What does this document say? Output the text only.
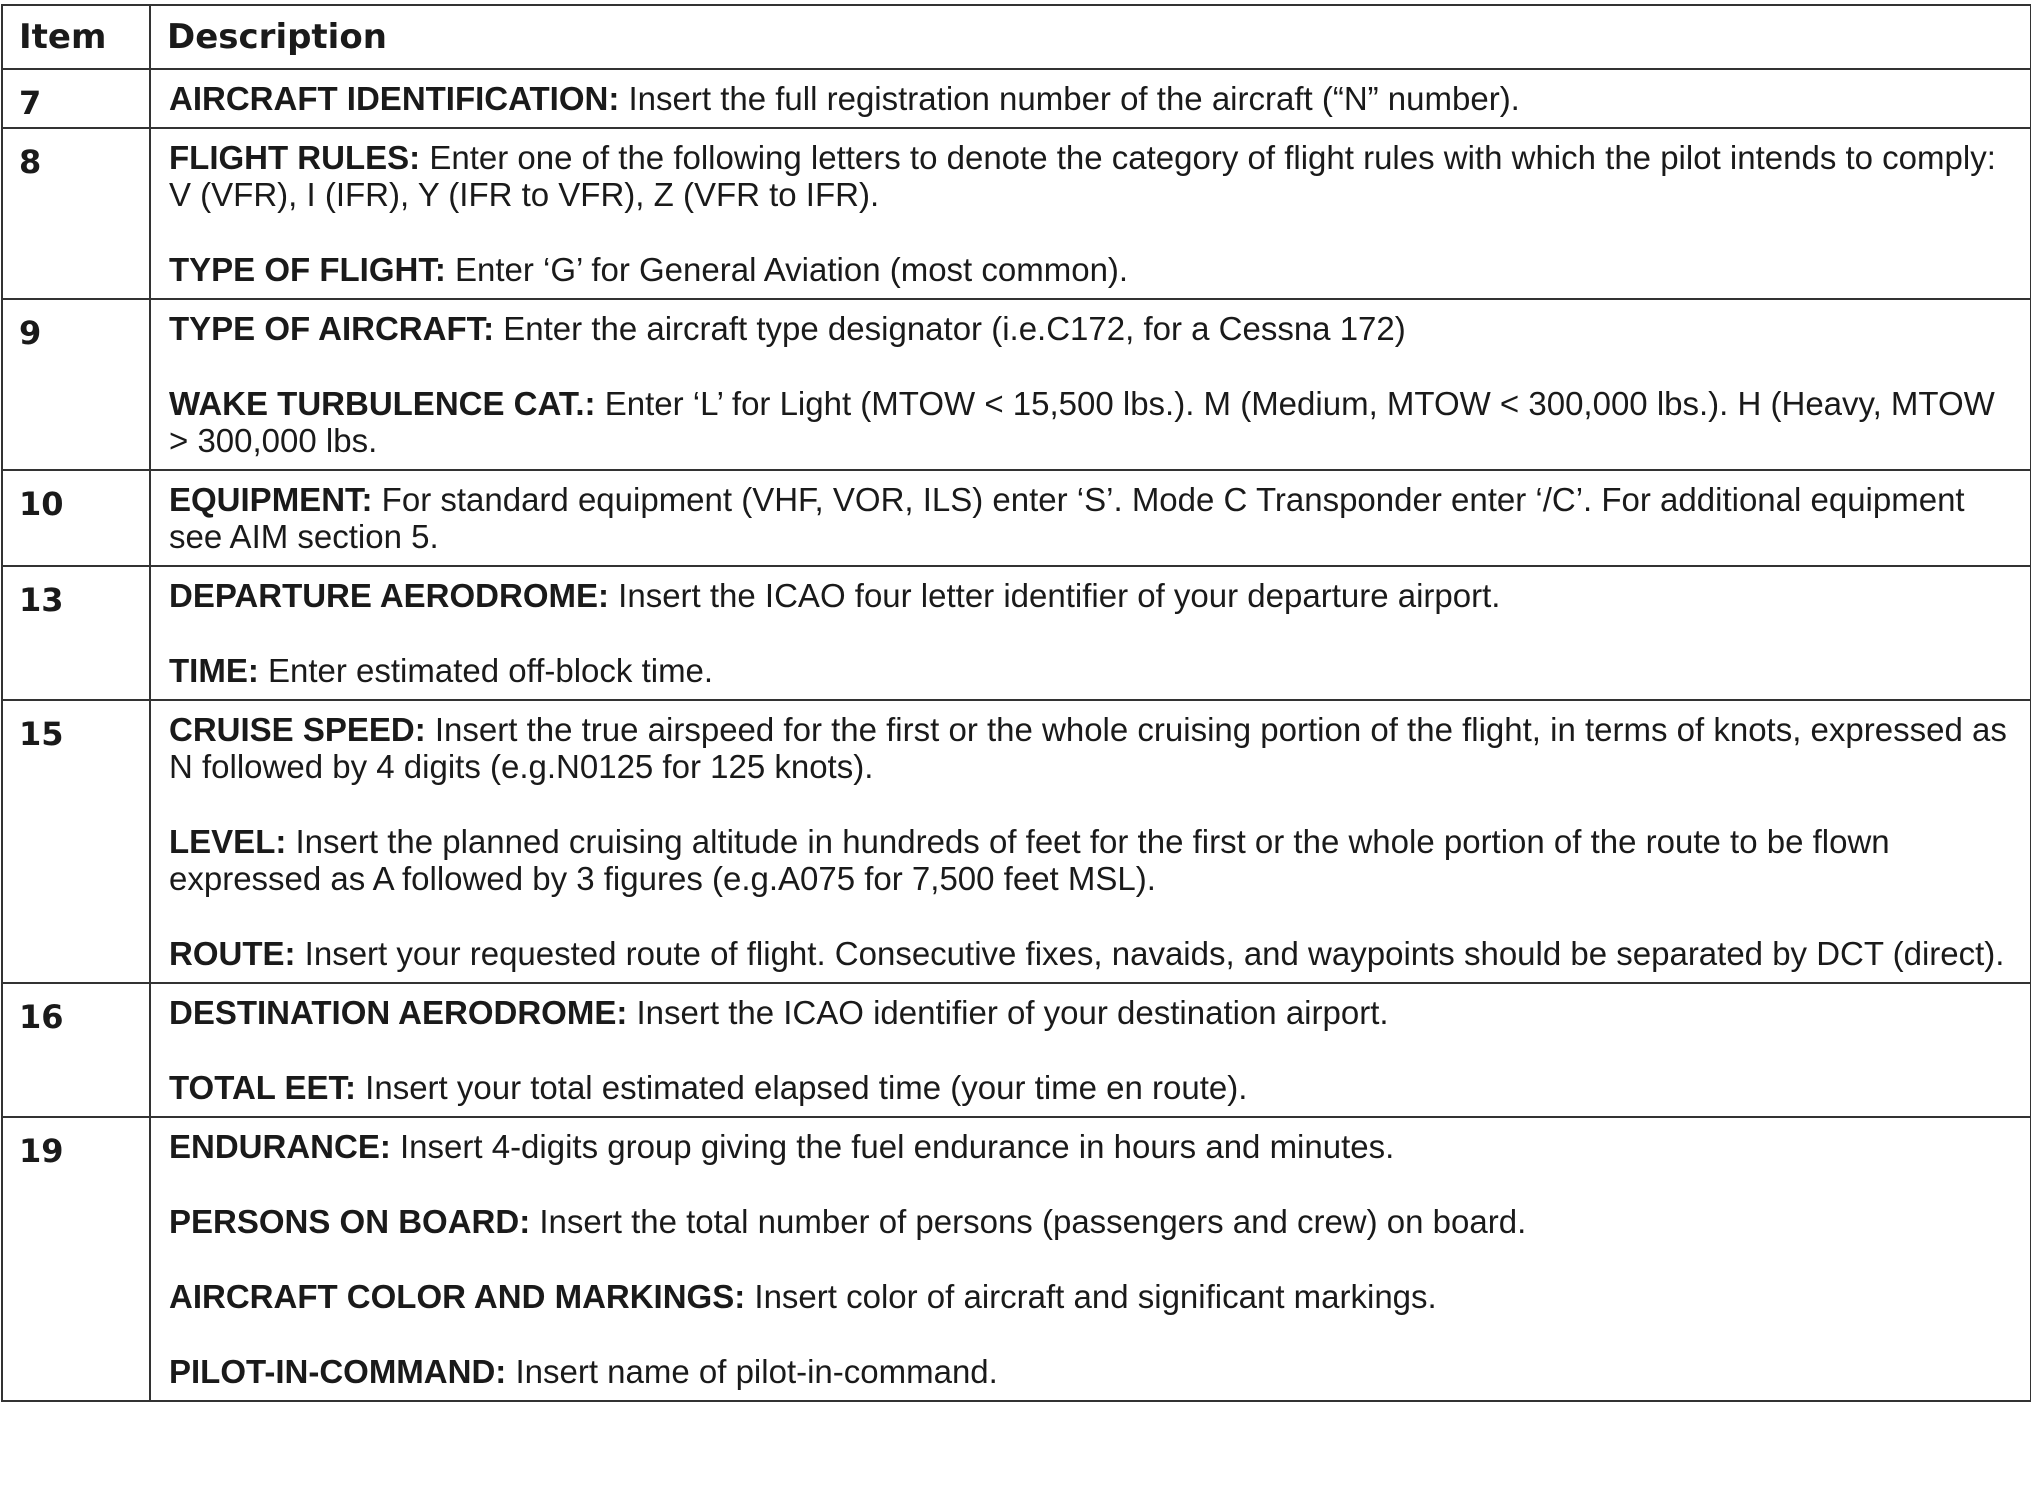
Item	Description
7	AIRCRAFT IDENTIFICATION: Insert the full registration number of the aircraft (“N” number).

8	FLIGHT RULES: Enter one of the following letters to denote the category of flight rules with which the pilot intends to comply: V (VFR), I (IFR), Y (IFR to VFR), Z (VFR to IFR).

TYPE OF FLIGHT: Enter ‘G’ for General Aviation (most common).

9	TYPE OF AIRCRAFT: Enter the aircraft type designator (i.e.C172, for a Cessna 172)

WAKE TURBULENCE CAT.: Enter ‘L’ for Light (MTOW < 15,500 lbs.). M (Medium, MTOW < 300,000 lbs.). H (Heavy, MTOW > 300,000 lbs.

10	EQUIPMENT: For standard equipment (VHF, VOR, ILS) enter ‘S’. Mode C Transponder enter ‘/C’. For additional equipment see AIM section 5.

13	DEPARTURE AERODROME: Insert the ICAO four letter identifier of your departure airport.

TIME: Enter estimated off-block time.

15	CRUISE SPEED: Insert the true airspeed for the first or the whole cruising portion of the flight, in terms of knots, expressed as N followed by 4 digits (e.g.N0125 for 125 knots).

LEVEL: Insert the planned cruising altitude in hundreds of feet for the first or the whole portion of the route to be flown expressed as A followed by 3 figures (e.g.A075 for 7,500 feet MSL).

ROUTE: Insert your requested route of flight. Consecutive fixes, navaids, and waypoints should be separated by DCT (direct).

16	DESTINATION AERODROME: Insert the ICAO identifier of your destination airport.

TOTAL EET: Insert your total estimated elapsed time (your time en route).

19	ENDURANCE: Insert 4-digits group giving the fuel endurance in hours and minutes.

PERSONS ON BOARD: Insert the total number of persons (passengers and crew) on board.

AIRCRAFT COLOR AND MARKINGS: Insert color of aircraft and significant markings.

PILOT-IN-COMMAND: Insert name of pilot-in-command.
